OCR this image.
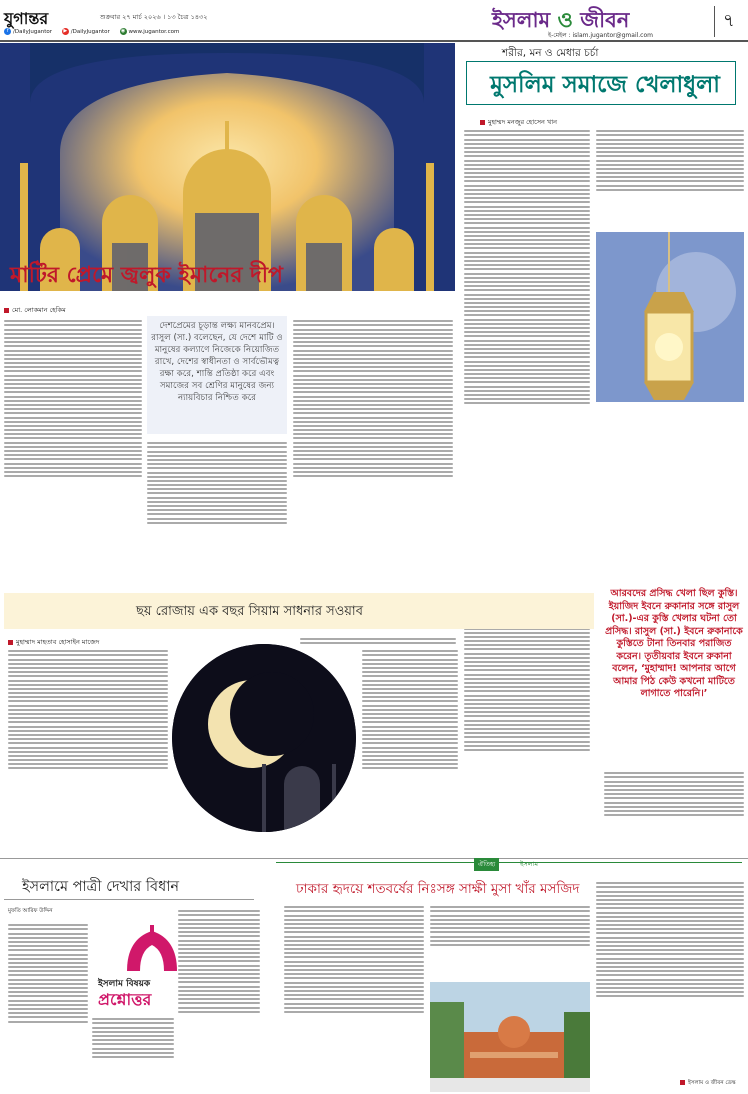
যুগান্তর	শুক্রবার ২৭ মার্চ ২০২৬ । ১৩ চৈত্র ১৪৩২
f /DailyJugantor ▶ /DailyJugantor ◉ www.jugantor.com	ইসলাম ও জীবন	৭
ই-মেইল : islam.jugantor@gmail.com
মাটির প্রেমে জ্বলুক ইমানের দীপ
মো. লোকমান হেকিম
দেশপ্রেমের চূড়ান্ত লক্ষ্য মানবপ্রেম। রাসুল (সা.) বলেছেন, যে দেশে মাটি ও মানুষের কল্যাণে নিজেকে নিয়োজিত রাখে, দেশের স্বাধীনতা ও সার্বভৌমত্ব রক্ষা করে, শান্তি প্রতিষ্ঠা করে এবং সমাজের সব শ্রেণির মানুষের জন্য ন্যায়বিচার নিশ্চিত করে
শরীর, মন ও মেধার চর্চা
মুসলিম সমাজে খেলাধুলা
মুহাম্মদ মনজুর হোসেন খান
আরবদের প্রসিদ্ধ খেলা ছিল কুস্তি। ইয়াজিদ ইবনে রুকানার সঙ্গে রাসুল (সা.)-এর কুস্তি খেলার ঘটনা তো প্রসিদ্ধ। রাসুল (সা.) ইবনে রুকানাকে কুস্তিতে টানা তিনবার পরাজিত করেন। তৃতীয়বার ইবনে রুকানা বলেন, ‘মুহাম্মাদ! আপনার আগে আমার পিঠ কেউ কখনো মাটিতে লাগাতে পারেনি।’
ছয় রোজায় এক বছর সিয়াম সাধনার সওয়াব
মুহাম্মাদ মাহতাব হোসাইন মাজেদ
ইসলামে পাত্রী দেখার বিধান
মুফতি আরিফ উদ্দিন
ইসলাম বিষয়ক
প্রশ্নোত্তর
ঐতিহ্য	ইসলাম
ঢাকার হৃদয়ে শতবর্ষের নিঃসঙ্গ সাক্ষী মুসা খাঁর মসজিদ
ইসলাম ও জীবন ডেস্ক
